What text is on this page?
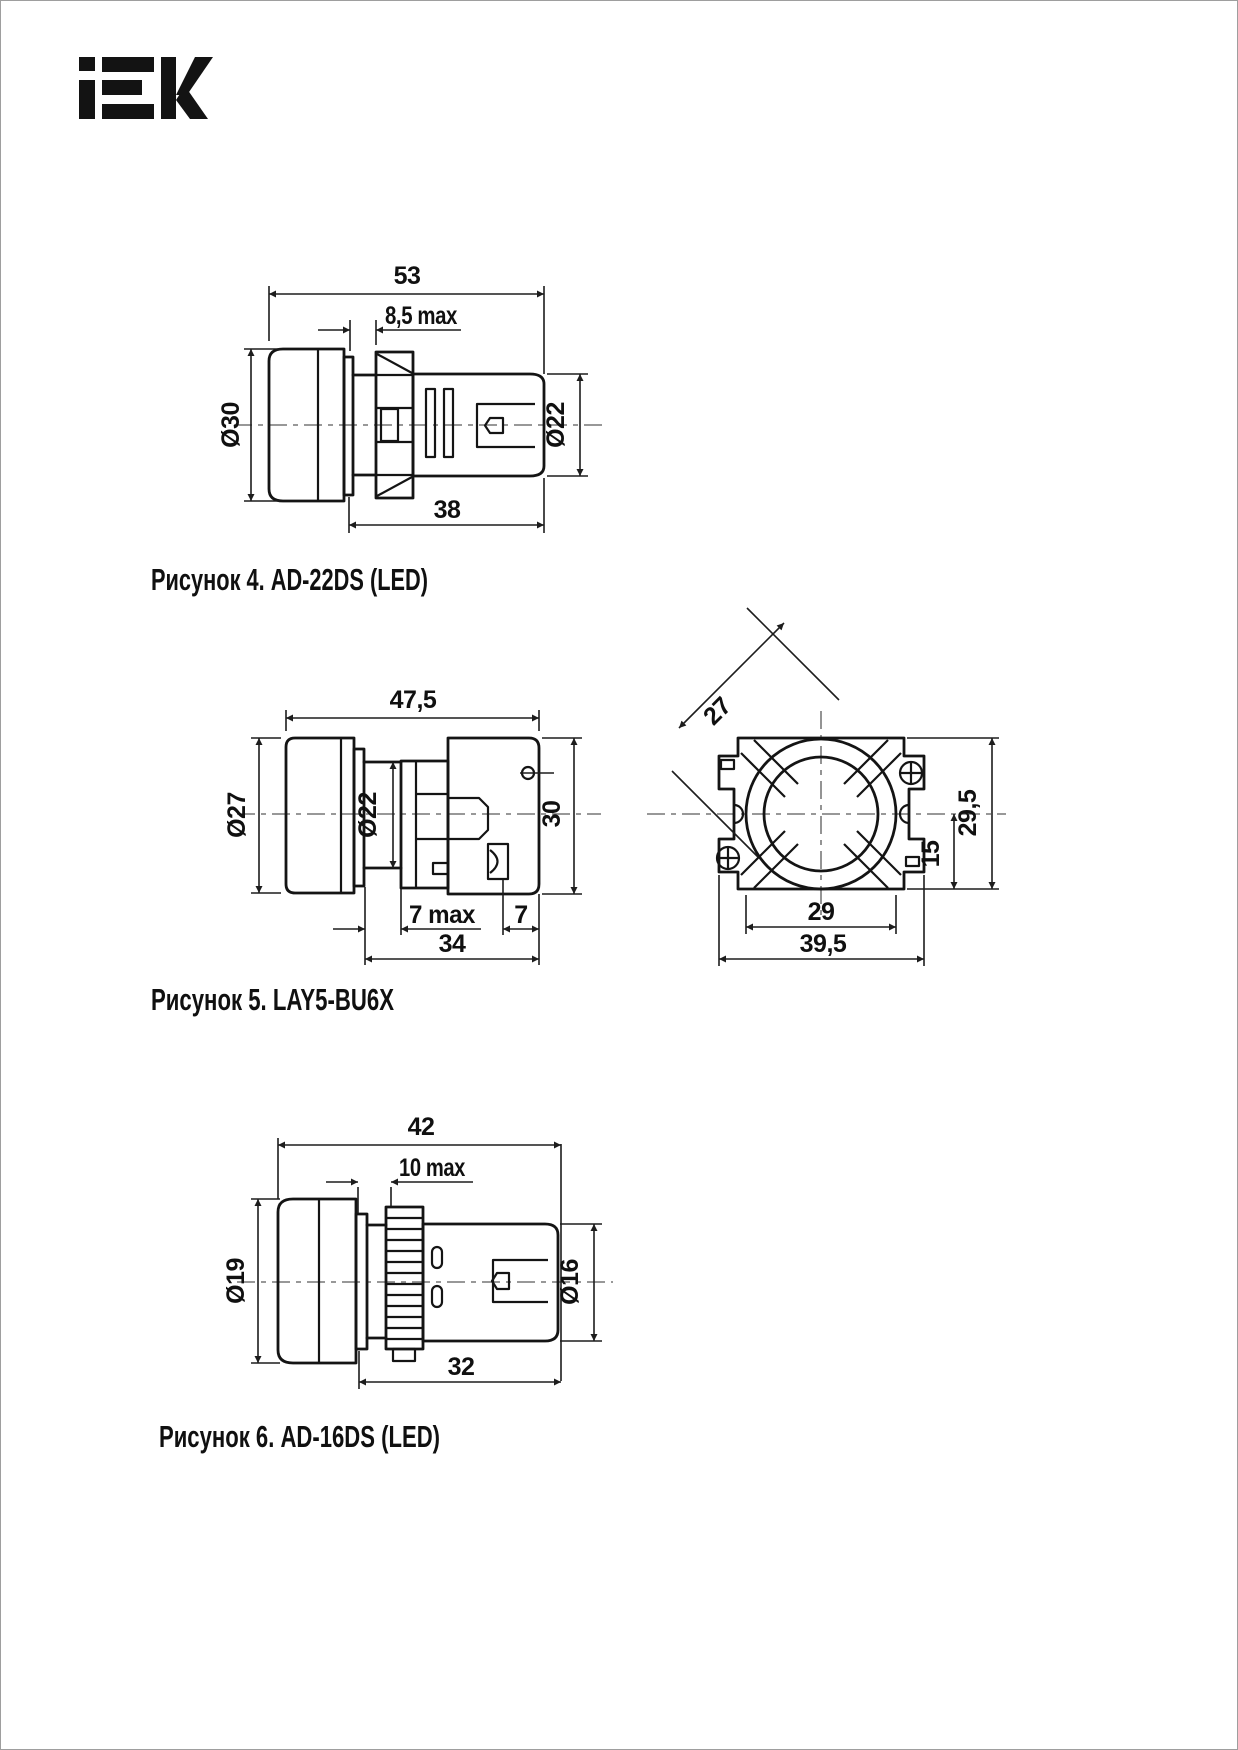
53
8,5 max
Ø30	Ø22
38
Рисунок 4. AD-22DS (LED)
47,5
Ø27	Ø22	30
7 max 7
34
27
29,5
15
29
39,5
Рисунок 5. LAY5-BU6X
42
10 max
Ø19	Ø16
32
Рисунок 6. AD-16DS (LED)
